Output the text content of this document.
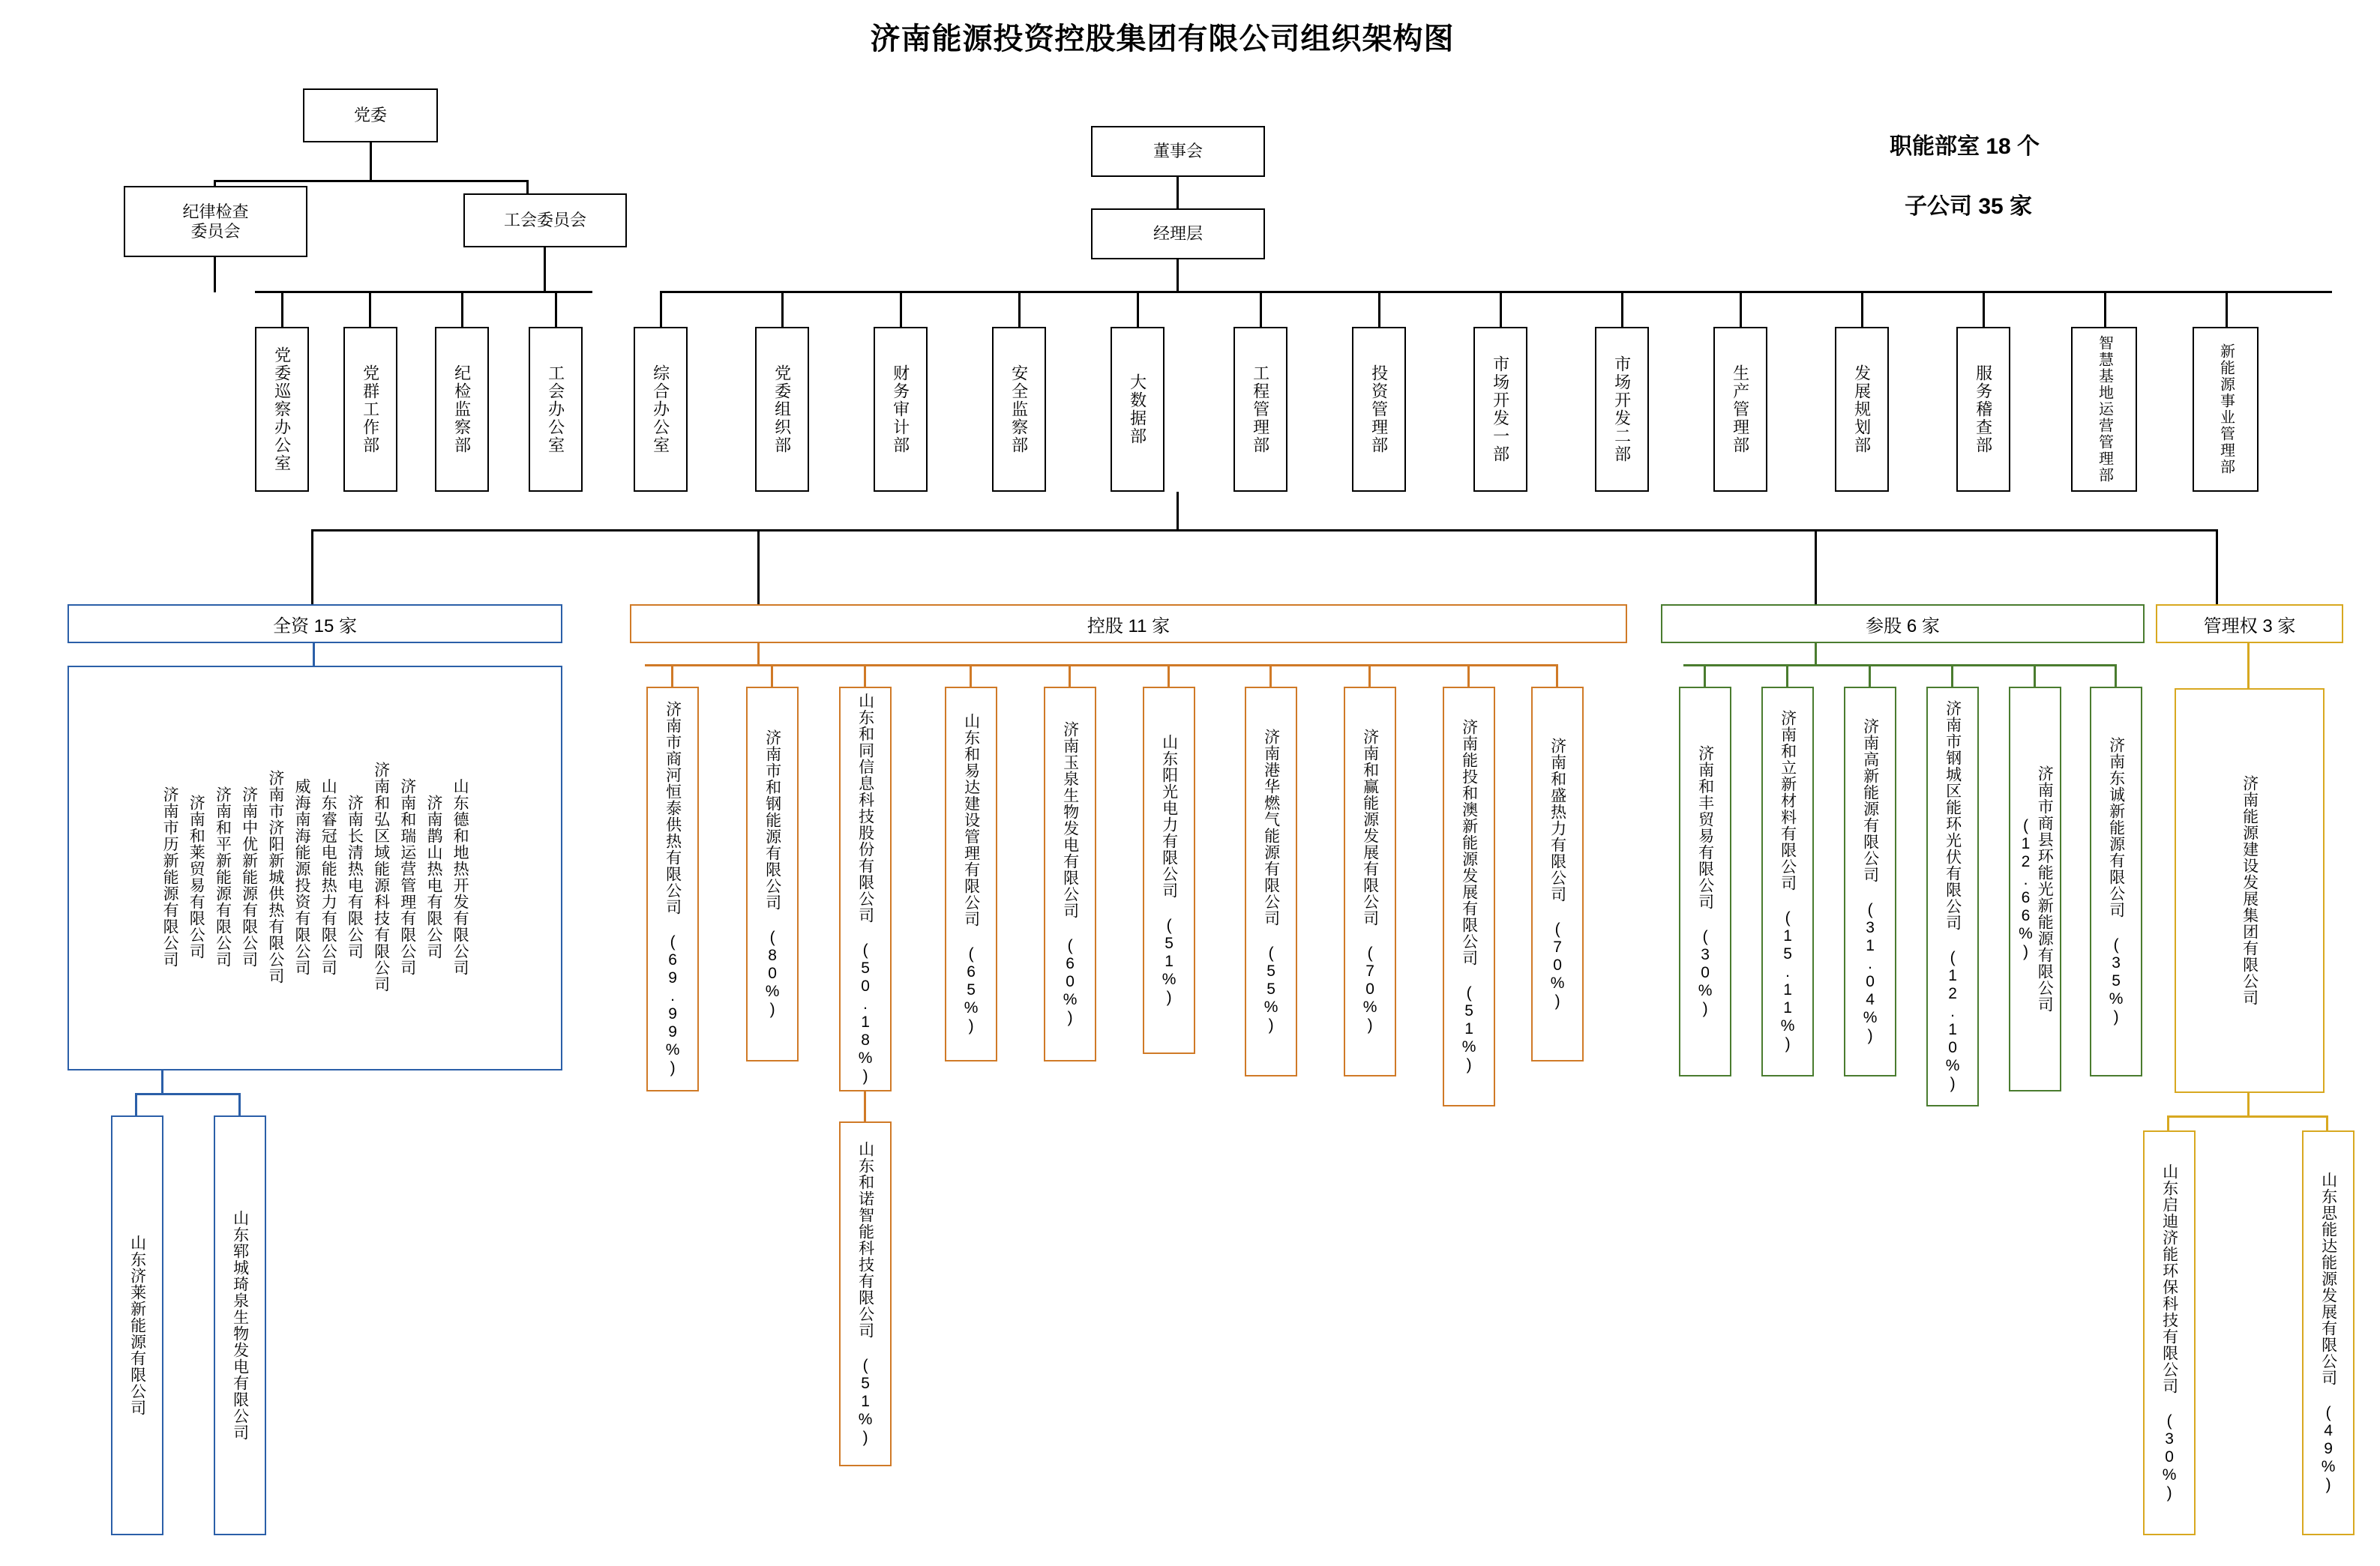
济南能源投资控股集团有限公司组织架构图
职能部室 18 个
子公司 35 家
党委
纪律检查
委员会
工会委员会
党委巡察办公室	党群工作部	纪检监察部	工会办公室
董事会
经理层
综合办公室	党委组织部	财务审计部	安全监察部	大数据部	工程管理部	投资管理部	市场开发一部	市场开发二部	生产管理部	发展规划部	服务稽查部	智慧基地运营管理部	新能源事业管理部
全资 15 家
山东德和地热开发有限公司
济南鹊山热电有限公司
济南和瑞运营管理有限公司
济南和弘区域能源科技有限公司
济南长清热电有限公司
山东睿冠电能热力有限公司
威海南海能源投资有限公司
济南市济阳新城供热有限公司
济南中优新能源有限公司
济南和平新能源有限公司
济南和莱贸易有限公司
济南市历新能源有限公司
山东济莱新能源有限公司	山东郓城琦泉生物发电有限公司
控股 11 家
济南市商河恒泰供热有限公司 (69.99%)	济南市和钢能源有限公司 (80%)	山东和同信息科技股份有限公司 (50.18%)
山东和诺智能科技有限公司 (51%)
山东和易达建设管理有限公司 (65%)	济南玉泉生物发电有限公司 (60%)	山东阳光电力有限公司 (51%)	济南港华燃气能源有限公司 (55%)	济南和赢能源发展有限公司 (70%)	济南能投和澳新能源发展有限公司 (51%)	济南和盛热力有限公司 (70%)
参股 6 家
济南和丰贸易有限公司 (30%)	济南和立新材料有限公司 (15.11%)	济南高新能源有限公司 (31.04%)	济南市钢城区能环光伏有限公司 (12.10%)	济南市商县环能光新能源有限公司 (12.66%)	济南东诚新能源有限公司 (35%)
管理权 3 家
济南能源建设发展集团有限公司
山东启迪济能环保科技有限公司 (30%)	山东思能达能源发展有限公司 (49%)
